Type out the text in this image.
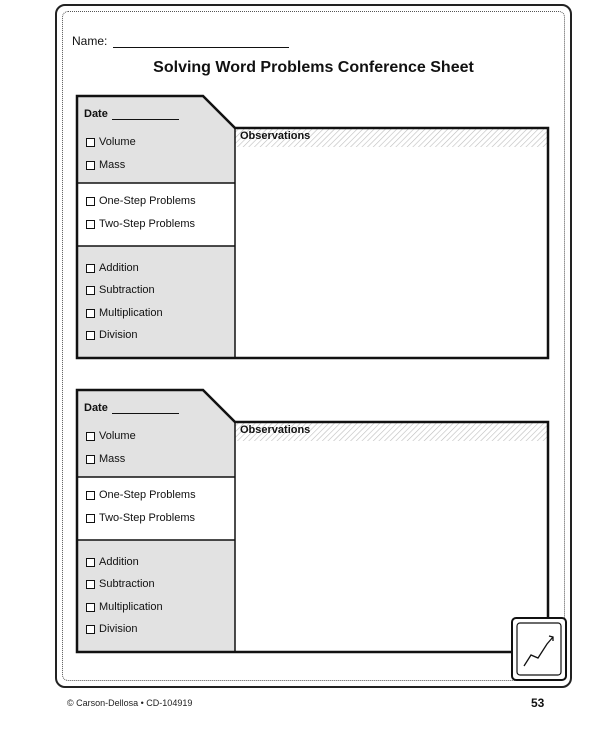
Name:
Solving Word Problems Conference Sheet
Date
Volume
Mass
One-Step Problems
Two-Step Problems
Addition
Subtraction
Multiplication
Division
Observations
Date
Volume
Mass
One-Step Problems
Two-Step Problems
Addition
Subtraction
Multiplication
Division
Observations
© Carson-Dellosa • CD-104919	53
